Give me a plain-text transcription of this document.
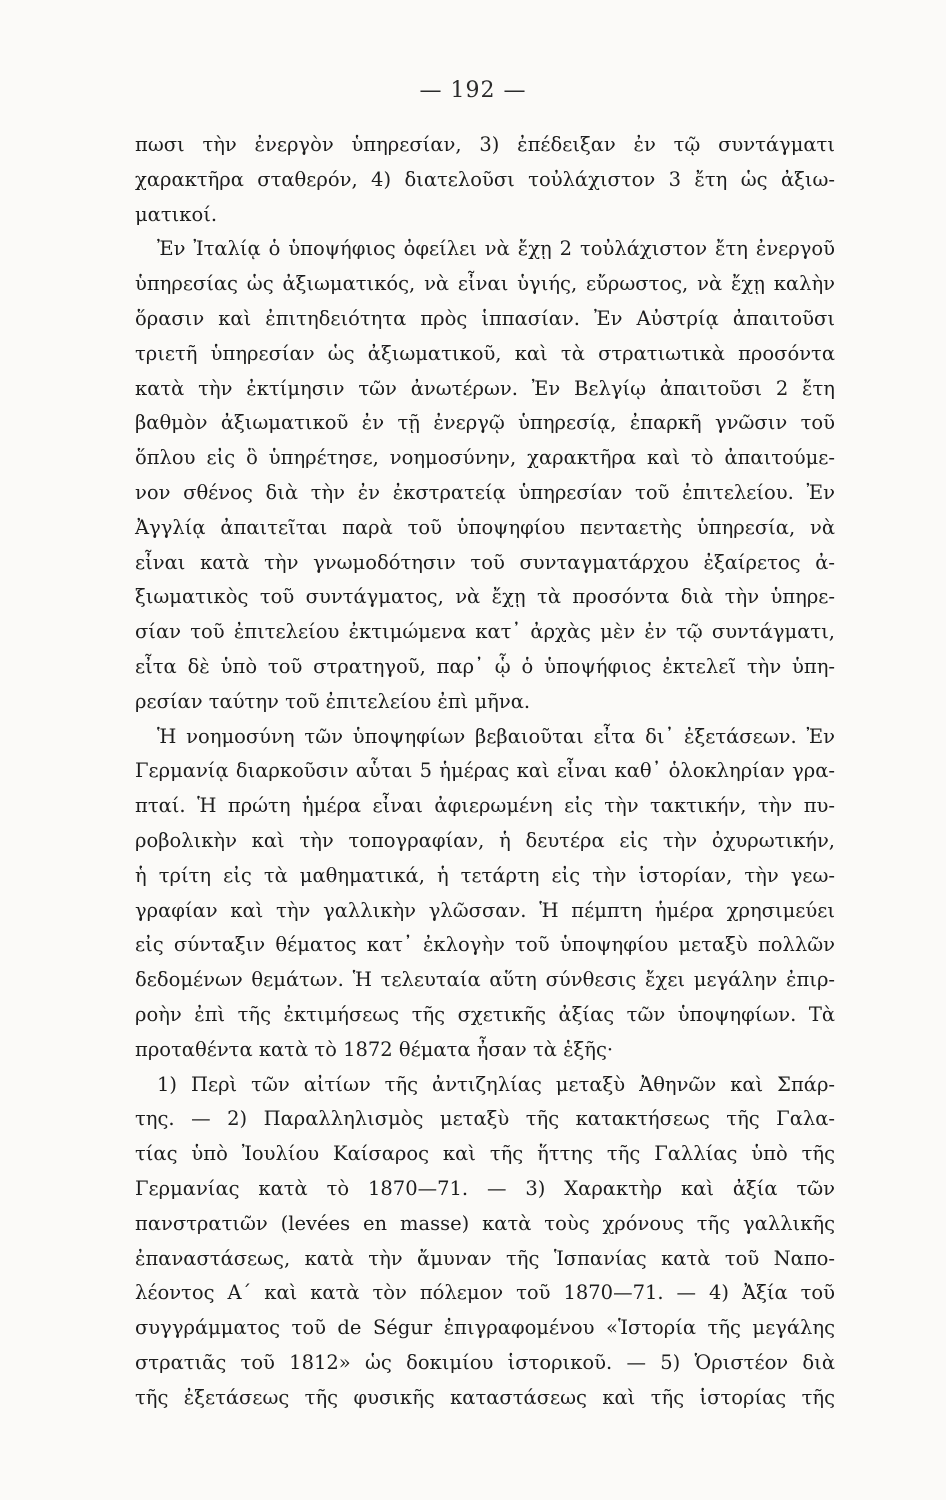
— 192 —
πωσι τὴν ἐνεργὸν ὑπηρεσίαν, 3) ἐπέδειξαν ἐν τῷ συντάγματι
χαρακτῆρα σταθερόν, 4) διατελοῦσι τοὐλάχιστον 3 ἔτη ὡς ἀξιω-
ματικοί.
Ἐν Ἰταλίᾳ ὁ ὑποψήφιος ὀφείλει νὰ ἔχῃ 2 τοὐλάχιστον ἔτη ἐνεργοῦ
ὑπηρεσίας ὡς ἀξιωματικός, νὰ εἶναι ὑγιής, εὔρωστος, νὰ ἔχῃ καλὴν
ὅρασιν καὶ ἐπιτηδειότητα πρὸς ἱππασίαν. Ἐν Αὐστρίᾳ ἀπαιτοῦσι
τριετῆ ὑπηρεσίαν ὡς ἀξιωματικοῦ, καὶ τὰ στρατιωτικὰ προσόντα
κατὰ τὴν ἐκτίμησιν τῶν ἀνωτέρων. Ἐν Βελγίῳ ἀπαιτοῦσι 2 ἔτη
βαθμὸν ἀξιωματικοῦ ἐν τῇ ἐνεργῷ ὑπηρεσίᾳ, ἐπαρκῆ γνῶσιν τοῦ
ὅπλου εἰς ὃ ὑπηρέτησε, νοημοσύνην, χαρακτῆρα καὶ τὸ ἀπαιτούμε-
νον σθένος διὰ τὴν ἐν ἐκστρατείᾳ ὑπηρεσίαν τοῦ ἐπιτελείου. Ἐν
Ἀγγλίᾳ ἀπαιτεῖται παρὰ τοῦ ὑποψηφίου πενταετὴς ὑπηρεσία, νὰ
εἶναι κατὰ τὴν γνωμοδότησιν τοῦ συνταγματάρχου ἐξαίρετος ἀ-
ξιωματικὸς τοῦ συντάγματος, νὰ ἔχῃ τὰ προσόντα διὰ τὴν ὑπηρε-
σίαν τοῦ ἐπιτελείου ἐκτιμώμενα κατ᾽ ἀρχὰς μὲν ἐν τῷ συντάγματι,
εἶτα δὲ ὑπὸ τοῦ στρατηγοῦ, παρ᾽ ᾧ ὁ ὑποψήφιος ἐκτελεῖ τὴν ὑπη-
ρεσίαν ταύτην τοῦ ἐπιτελείου ἐπὶ μῆνα.
Ἡ νοημοσύνη τῶν ὑποψηφίων βεβαιοῦται εἶτα δι᾽ ἐξετάσεων. Ἐν
Γερμανίᾳ διαρκοῦσιν αὗται 5 ἡμέρας καὶ εἶναι καθ᾽ ὁλοκληρίαν γρα-
πταί. Ἡ πρώτη ἡμέρα εἶναι ἀφιερωμένη εἰς τὴν τακτικήν, τὴν πυ-
ροβολικὴν καὶ τὴν τοπογραφίαν, ἡ δευτέρα εἰς τὴν ὀχυρωτικήν,
ἡ τρίτη εἰς τὰ μαθηματικά, ἡ τετάρτη εἰς τὴν ἱστορίαν, τὴν γεω-
γραφίαν καὶ τὴν γαλλικὴν γλῶσσαν. Ἡ πέμπτη ἡμέρα χρησιμεύει
εἰς σύνταξιν θέματος κατ᾽ ἐκλογὴν τοῦ ὑποψηφίου μεταξὺ πολλῶν
δεδομένων θεμάτων. Ἡ τελευταία αὕτη σύνθεσις ἔχει μεγάλην ἐπιρ-
ροὴν ἐπὶ τῆς ἐκτιμήσεως τῆς σχετικῆς ἀξίας τῶν ὑποψηφίων. Τὰ
προταθέντα κατὰ τὸ 1872 θέματα ἦσαν τὰ ἑξῆς·
1) Περὶ τῶν αἰτίων τῆς ἀντιζηλίας μεταξὺ Ἀθηνῶν καὶ Σπάρ-
της. — 2) Παραλληλισμὸς μεταξὺ τῆς κατακτήσεως τῆς Γαλα-
τίας ὑπὸ Ἰουλίου Καίσαρος καὶ τῆς ἥττης τῆς Γαλλίας ὑπὸ τῆς
Γερμανίας κατὰ τὸ 1870—71. — 3) Χαρακτὴρ καὶ ἀξία τῶν
πανστρατιῶν (levées en masse) κατὰ τοὺς χρόνους τῆς γαλλικῆς
ἐπαναστάσεως, κατὰ τὴν ἄμυναν τῆς Ἱσπανίας κατὰ τοῦ Ναπο-
λέοντος Α´ καὶ κατὰ τὸν πόλεμον τοῦ 1870—71. — 4) Ἀξία τοῦ
συγγράμματος τοῦ de Ségur ἐπιγραφομένου «Ἱστορία τῆς μεγάλης
στρατιᾶς τοῦ 1812» ὡς δοκιμίου ἱστορικοῦ. — 5) Ὁριστέον διὰ
τῆς ἐξετάσεως τῆς φυσικῆς καταστάσεως καὶ τῆς ἱστορίας τῆς
